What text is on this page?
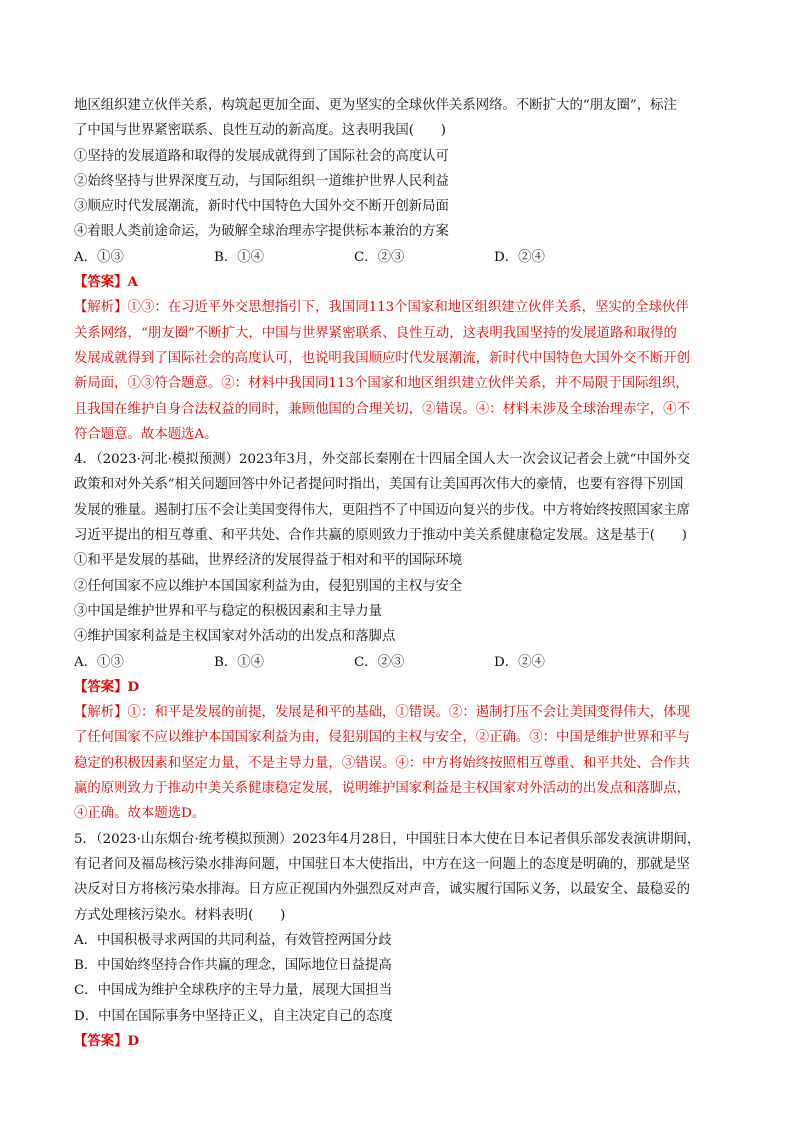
地区组织建立伙伴关系，构筑起更加全面、更为坚实的全球伙伴关系网络。不断扩大的“朋友圈”，标注
了中国与世界紧密联系、良性互动的新高度。这表明我国(　　)
①坚持的发展道路和取得的发展成就得到了国际社会的高度认可
②始终坚持与世界深度互动，与国际组织一道维护世界人民利益
③顺应时代发展潮流，新时代中国特色大国外交不断开创新局面
④着眼人类前途命运，为破解全球治理赤字提供标本兼治的方案
A．①③	B．①④	C．②③	D．②④
【答案】A
【解析】①③：在习近平外交思想指引下，我国同113个国家和地区组织建立伙伴关系，坚实的全球伙伴
关系网络，“朋友圈”不断扩大，中国与世界紧密联系、良性互动，这表明我国坚持的发展道路和取得的
发展成就得到了国际社会的高度认可，也说明我国顺应时代发展潮流，新时代中国特色大国外交不断开创
新局面，①③符合题意。②：材料中我国同113个国家和地区组织建立伙伴关系，并不局限于国际组织，
且我国在维护自身合法权益的同时，兼顾他国的合理关切，②错误。④：材料未涉及全球治理赤字，④不
符合题意。故本题选A。
4．（2023·河北·模拟预测）2023年3月，外交部长秦刚在十四届全国人大一次会议记者会上就“中国外交
政策和对外关系”相关问题回答中外记者提问时指出，美国有让美国再次伟大的豪情，也要有容得下别国
发展的雅量。遏制打压不会让美国变得伟大，更阻挡不了中国迈向复兴的步伐。中方将始终按照国家主席
习近平提出的相互尊重、和平共处、合作共赢的原则致力于推动中美关系健康稳定发展。这是基于(　　)
①和平是发展的基础，世界经济的发展得益于相对和平的国际环境
②任何国家不应以维护本国国家利益为由，侵犯别国的主权与安全
③中国是维护世界和平与稳定的积极因素和主导力量
④维护国家利益是主权国家对外活动的出发点和落脚点
A．①③	B．①④	C．②③	D．②④
【答案】D
【解析】①：和平是发展的前提，发展是和平的基础，①错误。②：遏制打压不会让美国变得伟大，体现
了任何国家不应以维护本国国家利益为由，侵犯别国的主权与安全，②正确。③：中国是维护世界和平与
稳定的积极因素和坚定力量，不是主导力量，③错误。④：中方将始终按照相互尊重、和平共处、合作共
赢的原则致力于推动中美关系健康稳定发展，说明维护国家利益是主权国家对外活动的出发点和落脚点，
④正确。故本题选D。
5．（2023·山东烟台·统考模拟预测）2023年4月28日，中国驻日本大使在日本记者俱乐部发表演讲期间，
有记者问及福岛核污染水排海问题，中国驻日本大使指出，中方在这一问题上的态度是明确的，那就是坚
决反对日方将核污染水排海。日方应正视国内外强烈反对声音，诚实履行国际义务，以最安全、最稳妥的
方式处理核污染水。材料表明(　　)
A．中国积极寻求两国的共同利益，有效管控两国分歧
B．中国始终坚持合作共赢的理念，国际地位日益提高
C．中国成为维护全球秩序的主导力量，展现大国担当
D．中国在国际事务中坚持正义，自主决定自己的态度
【答案】D
